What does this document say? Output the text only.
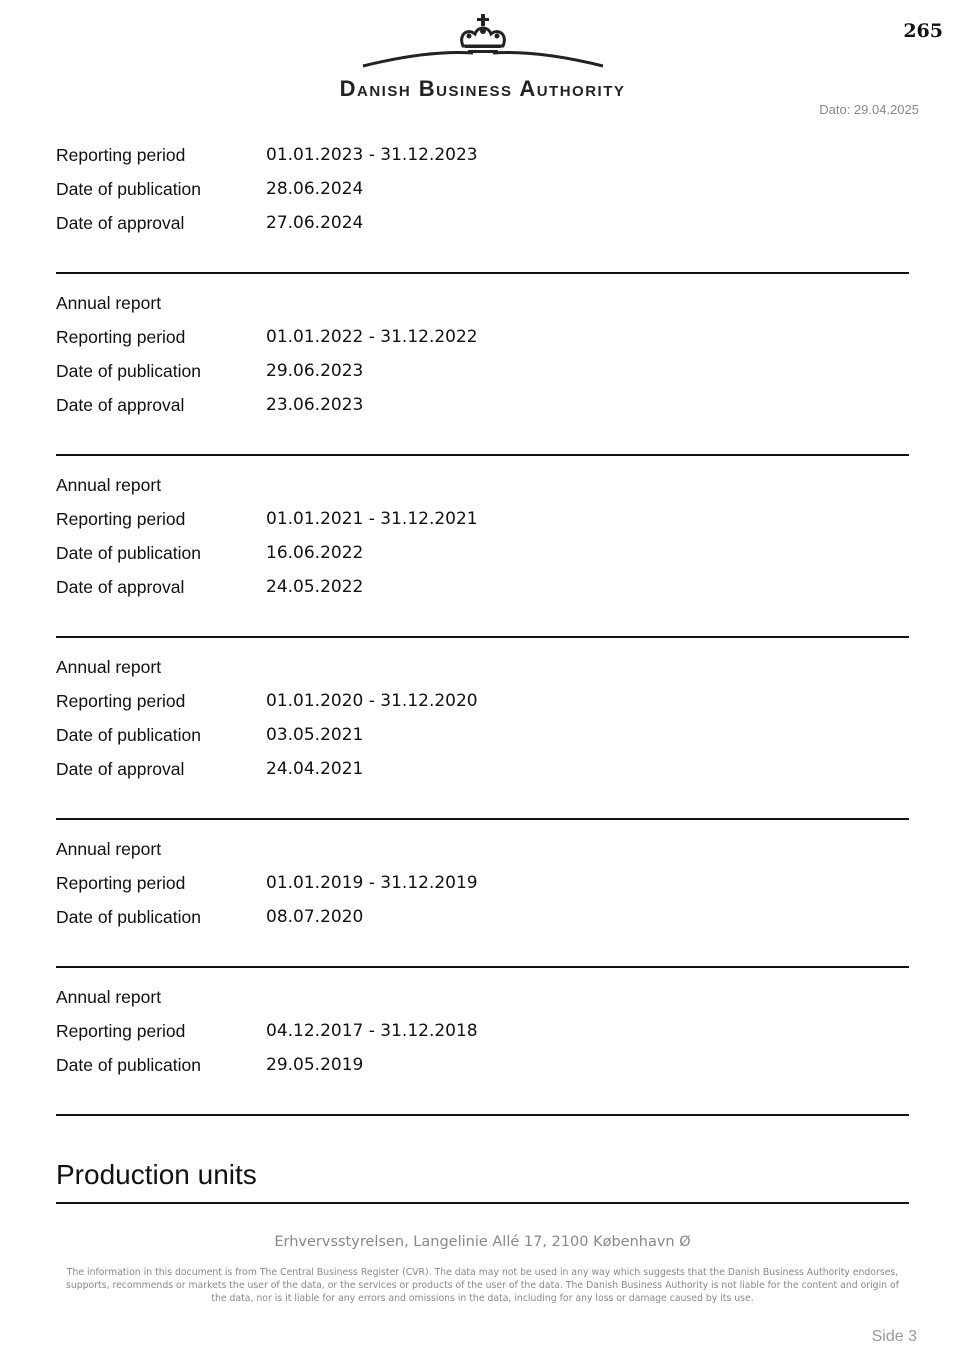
265
Danish Business Authority
Dato: 29.04.2025
Reporting period	01.01.2023 - 31.12.2023
Date of publication	28.06.2024
Date of approval	27.06.2024
Annual report
Reporting period	01.01.2022 - 31.12.2022
Date of publication	29.06.2023
Date of approval	23.06.2023
Annual report
Reporting period	01.01.2021 - 31.12.2021
Date of publication	16.06.2022
Date of approval	24.05.2022
Annual report
Reporting period	01.01.2020 - 31.12.2020
Date of publication	03.05.2021
Date of approval	24.04.2021
Annual report
Reporting period	01.01.2019 - 31.12.2019
Date of publication	08.07.2020
Annual report
Reporting period	04.12.2017 - 31.12.2018
Date of publication	29.05.2019
Production units
Erhvervsstyrelsen, Langelinie Allé 17, 2100 København Ø
The information in this document is from The Central Business Register (CVR). The data may not be used in any way which suggests that the Danish Business Authority endorses, supports, recommends or markets the user of the data, or the services or products of the user of the data. The Danish Business Authority is not liable for the content and origin of the data, nor is it liable for any errors and omissions in the data, including for any loss or damage caused by its use.
Side 3
